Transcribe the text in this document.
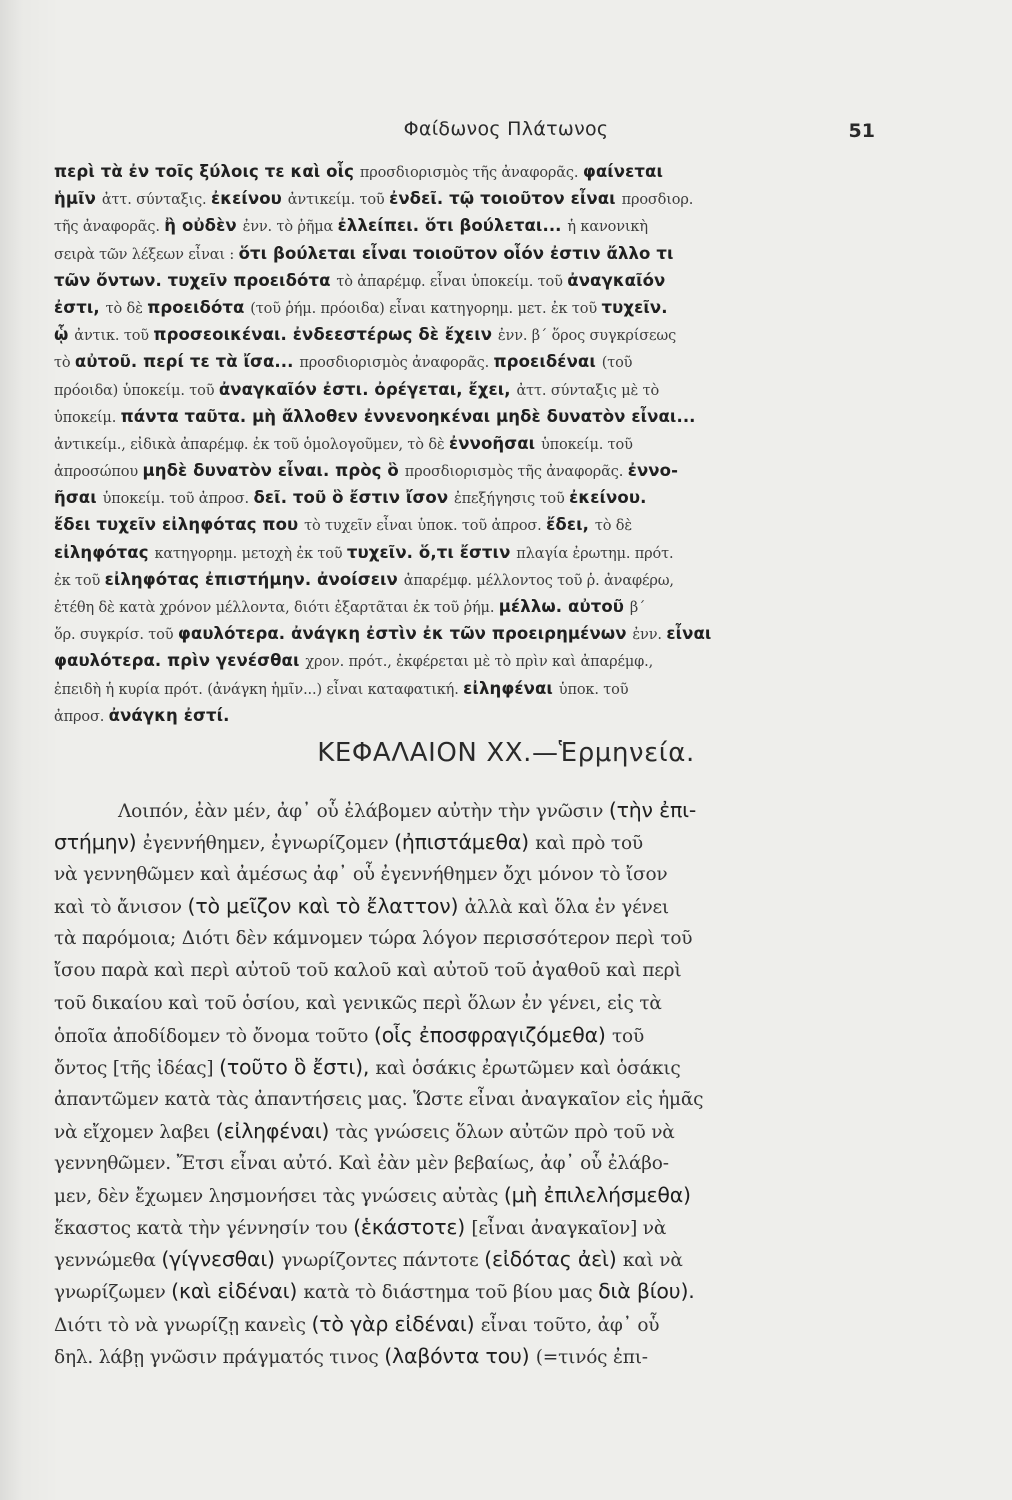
Φαίδωνος Πλάτωνος	51
περὶ τὰ ἐν τοῖς ξύλοις τε καὶ οἷς προσδιορισμὸς τῆς ἀναφορᾶς. φαίνεται
ἡμῖν ἀττ. σύνταξις. ἐκείνου ἀντικείμ. τοῦ ἐνδεῖ. τῷ τοιοῦτον εἶναι προσδιορ.
τῆς ἀναφορᾶς. ἢ οὐδὲν ἐνν. τὸ ῥῆμα ἐλλείπει. ὅτι βούλεται... ἡ κανονικὴ
σειρὰ τῶν λέξεων εἶναι : ὅτι βούλεται εἶναι τοιοῦτον οἷόν ἐστιν ἄλλο τι
τῶν ὄντων. τυχεῖν προειδότα τὸ ἀπαρέμφ. εἶναι ὑποκείμ. τοῦ ἀναγκαῖόν
ἐστι, τὸ δὲ προειδότα (τοῦ ῥήμ. πρόοιδα) εἶναι κατηγορημ. μετ. ἐκ τοῦ τυχεῖν.
ᾧ ἀντικ. τοῦ προσεοικέναι. ἐνδεεστέρως δὲ ἔχειν ἐνν. β΄ ὅρος συγκρίσεως
τὸ αὐτοῦ. περί τε τὰ ἴσα... προσδιορισμὸς ἀναφορᾶς. προειδέναι (τοῦ
πρόοιδα) ὑποκείμ. τοῦ ἀναγκαῖόν ἐστι. ὀρέγεται, ἔχει, ἀττ. σύνταξις μὲ τὸ
ὑποκείμ. πάντα ταῦτα. μὴ ἄλλοθεν ἐννενοηκέναι μηδὲ δυνατὸν εἶναι...
ἀντικείμ., εἰδικὰ ἀπαρέμφ. ἐκ τοῦ ὁμολογοῦμεν, τὸ δὲ ἐννοῆσαι ὑποκείμ. τοῦ
ἀπροσώπου μηδὲ δυνατὸν εἶναι. πρὸς ὃ προσδιορισμὸς τῆς ἀναφορᾶς. ἐννο-
ῆσαι ὑποκείμ. τοῦ ἀπροσ. δεῖ. τοῦ ὃ ἔστιν ἴσον ἐπεξήγησις τοῦ ἐκείνου.
ἔδει τυχεῖν εἰληφότας που τὸ τυχεῖν εἶναι ὑποκ. τοῦ ἀπροσ. ἔδει, τὸ δὲ
εἰληφότας κατηγορημ. μετοχὴ ἐκ τοῦ τυχεῖν. ὅ,τι ἔστιν πλαγία ἐρωτημ. πρότ.
ἐκ τοῦ εἰληφότας ἐπιστήμην. ἀνοίσειν ἀπαρέμφ. μέλλοντος τοῦ ῥ. ἀναφέρω,
ἐτέθη δὲ κατὰ χρόνον μέλλοντα, διότι ἐξαρτᾶται ἐκ τοῦ ῥήμ. μέλλω. αὐτοῦ β΄
ὅρ. συγκρίσ. τοῦ φαυλότερα. ἀνάγκη ἐστὶν ἐκ τῶν προειρημένων ἐνν. εἶναι
φαυλότερα. πρὶν γενέσθαι χρον. πρότ., ἐκφέρεται μὲ τὸ πρὶν καὶ ἀπαρέμφ.,
ἐπειδὴ ἡ κυρία πρότ. (ἀνάγκη ἡμῖν...) εἶναι καταφατική. εἰληφέναι ὑποκ. τοῦ
ἀπροσ. ἀνάγκη ἐστί.
ΚΕΦΑΛΑΙΟΝ XX.—Ἑρμηνεία.
Λοιπόν, ἐὰν μέν, ἀφ᾽ οὗ ἐλάβομεν αὐτὴν τὴν γνῶσιν (τὴν ἐπι-
στήμην) ἐγεννήθημεν, ἐγνωρίζομεν (ἠπιστάμεθα) καὶ πρὸ τοῦ
νὰ γεννηθῶμεν καὶ ἀμέσως ἀφ᾽ οὗ ἐγεννήθημεν ὄχι μόνον τὸ ἴσον
καὶ τὸ ἄνισον (τὸ μεῖζον καὶ τὸ ἔλαττον) ἀλλὰ καὶ ὅλα ἐν γένει
τὰ παρόμοια; Διότι δὲν κάμνομεν τώρα λόγον περισσότερον περὶ τοῦ
ἴσου παρὰ καὶ περὶ αὐτοῦ τοῦ καλοῦ καὶ αὐτοῦ τοῦ ἀγαθοῦ καὶ περὶ
τοῦ δικαίου καὶ τοῦ ὁσίου, καὶ γενικῶς περὶ ὅλων ἐν γένει, εἰς τὰ
ὁποῖα ἀποδίδομεν τὸ ὄνομα τοῦτο (οἷς ἐποσφραγιζόμεθα) τοῦ
ὄντος [τῆς ἰδέας] (τοῦτο ὃ ἔστι), καὶ ὁσάκις ἐρωτῶμεν καὶ ὁσάκις
ἀπαντῶμεν κατὰ τὰς ἀπαντήσεις μας. Ὥστε εἶναι ἀναγκαῖον εἰς ἡμᾶς
νὰ εἴχομεν λαβει (εἰληφέναι) τὰς γνώσεις ὅλων αὐτῶν πρὸ τοῦ νὰ
γεννηθῶμεν. Ἔτσι εἶναι αὐτό. Καὶ ἐὰν μὲν βεβαίως, ἀφ᾽ οὗ ἐλάβο-
μεν, δὲν ἔχωμεν λησμονήσει τὰς γνώσεις αὐτὰς (μὴ ἐπιλελήσμεθα)
ἕκαστος κατὰ τὴν γέννησίν του (ἑκάστοτε) [εἶναι ἀναγκαῖον] νὰ
γεννώμεθα (γίγνεσθαι) γνωρίζοντες πάντοτε (εἰδότας ἀεὶ) καὶ νὰ
γνωρίζωμεν (καὶ εἰδέναι) κατὰ τὸ διάστημα τοῦ βίου μας διὰ βίου).
Διότι τὸ νὰ γνωρίζῃ κανεὶς (τὸ γὰρ εἰδέναι) εἶναι τοῦτο, ἀφ᾽ οὗ
δηλ. λάβῃ γνῶσιν πράγματός τινος (λαβόντα του) (=τινός ἐπι-
